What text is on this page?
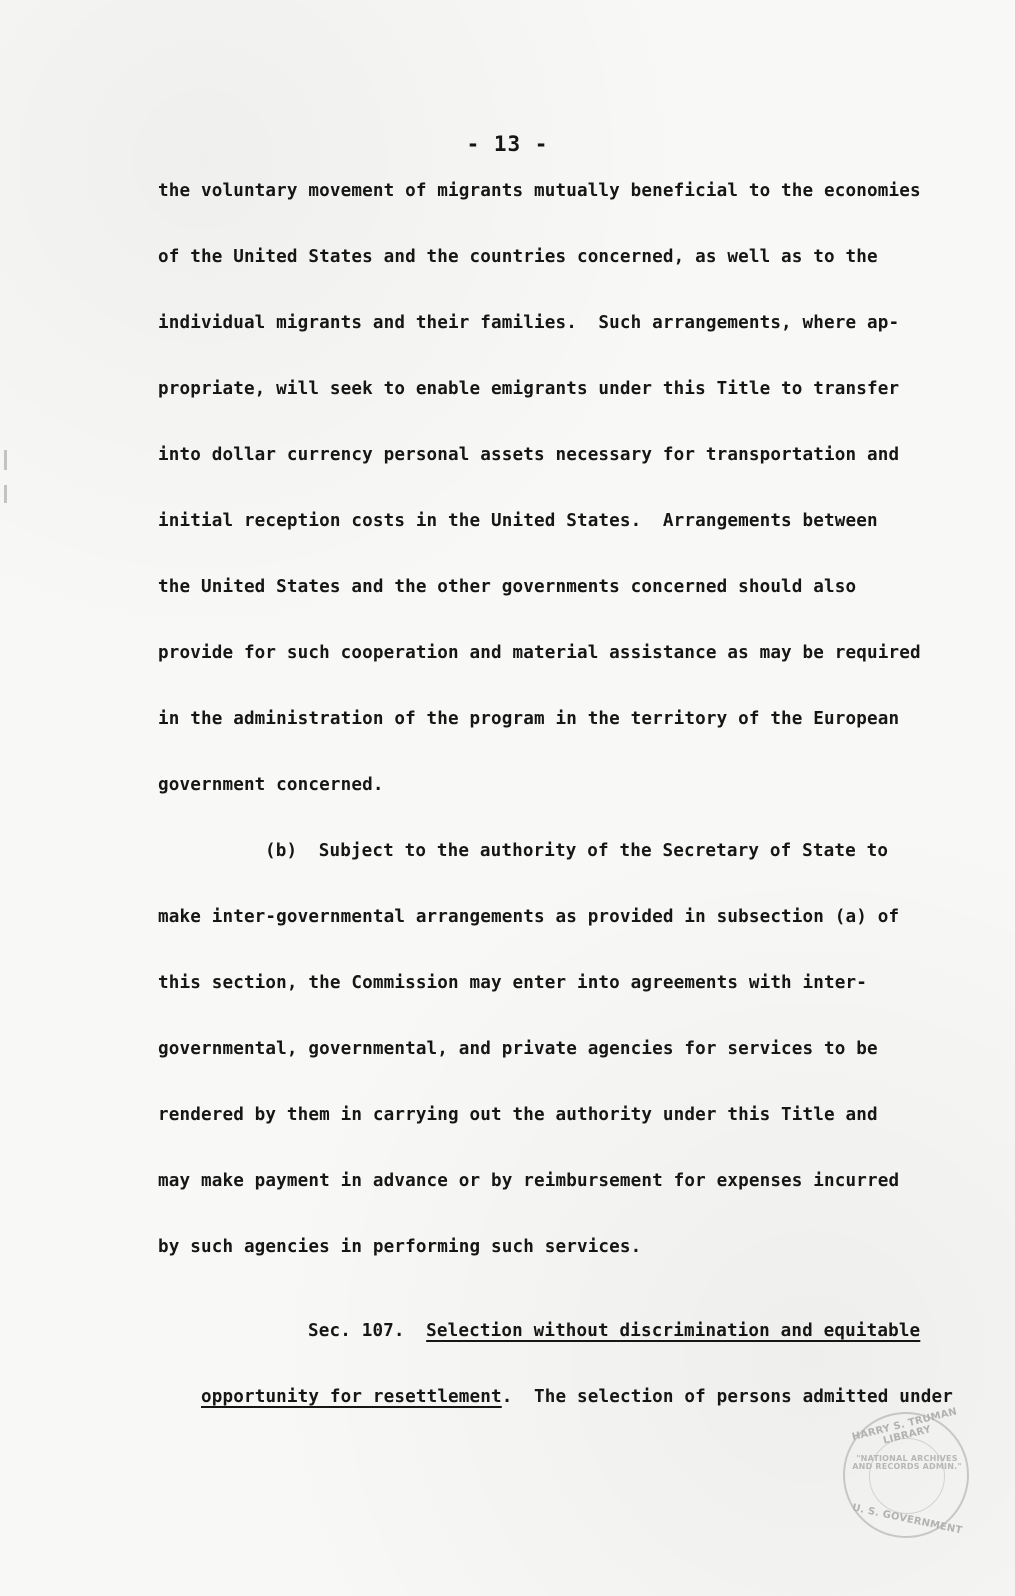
- 13 -
the voluntary movement of migrants mutually beneficial to the economies
of the United States and the countries concerned, as well as to the
individual migrants and their families.  Such arrangements, where ap-
propriate, will seek to enable emigrants under this Title to transfer
into dollar currency personal assets necessary for transportation and
initial reception costs in the United States.  Arrangements between
the United States and the other governments concerned should also
provide for such cooperation and material assistance as may be required
in the administration of the program in the territory of the European
government concerned.
(b)  Subject to the authority of the Secretary of State to
make inter-governmental arrangements as provided in subsection (a) of
this section, the Commission may enter into agreements with inter-
governmental, governmental, and private agencies for services to be
rendered by them in carrying out the authority under this Title and
may make payment in advance or by reimbursement for expenses incurred
by such agencies in performing such services.

Sec. 107.  Selection without discrimination and equitable

opportunity for resettlement.  The selection of persons admitted under

HARRY S. TRUMAN LIBRARY
"NATIONAL ARCHIVES AND RECORDS ADMIN."
U. S. GOVERNMENT
